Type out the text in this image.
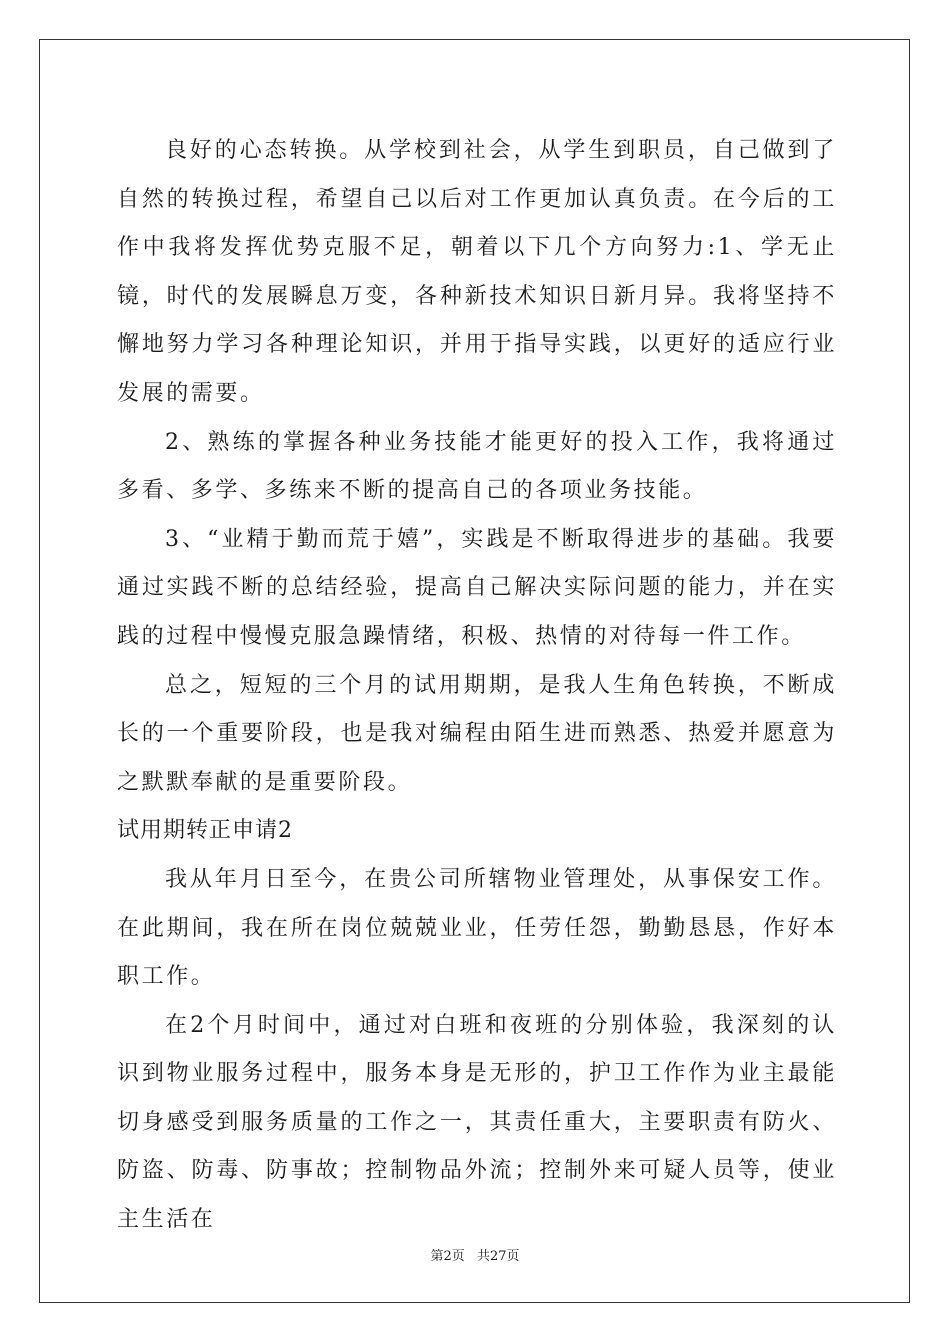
良好的心态转换。从学校到社会，从学生到职员，自己做到了自然的转换过程，希望自己以后对工作更加认真负责。在今后的工作中我将发挥优势克服不足，朝着以下几个方向努力:1、学无止镜，时代的发展瞬息万变，各种新技术知识日新月异。我将坚持不懈地努力学习各种理论知识，并用于指导实践，以更好的适应行业发展的需要。

2、熟练的掌握各种业务技能才能更好的投入工作，我将通过多看、多学、多练来不断的提高自己的各项业务技能。

3、“业精于勤而荒于嬉”，实践是不断取得进步的基础。我要通过实践不断的总结经验，提高自己解决实际问题的能力，并在实践的过程中慢慢克服急躁情绪，积极、热情的对待每一件工作。

总之，短短的三个月的试用期期，是我人生角色转换，不断成长的一个重要阶段，也是我对编程由陌生进而熟悉、热爱并愿意为之默默奉献的是重要阶段。

试用期转正申请2

我从年月日至今，在贵公司所辖物业管理处，从事保安工作。在此期间，我在所在岗位兢兢业业，任劳任怨，勤勤恳恳，作好本职工作。

在2个月时间中，通过对白班和夜班的分别体验，我深刻的认识到物业服务过程中，服务本身是无形的，护卫工作作为业主最能切身感受到服务质量的工作之一，其责任重大，主要职责有防火、防盗、防毒、防事故；控制物品外流；控制外来可疑人员等，使业主生活在

第2页 共27页
